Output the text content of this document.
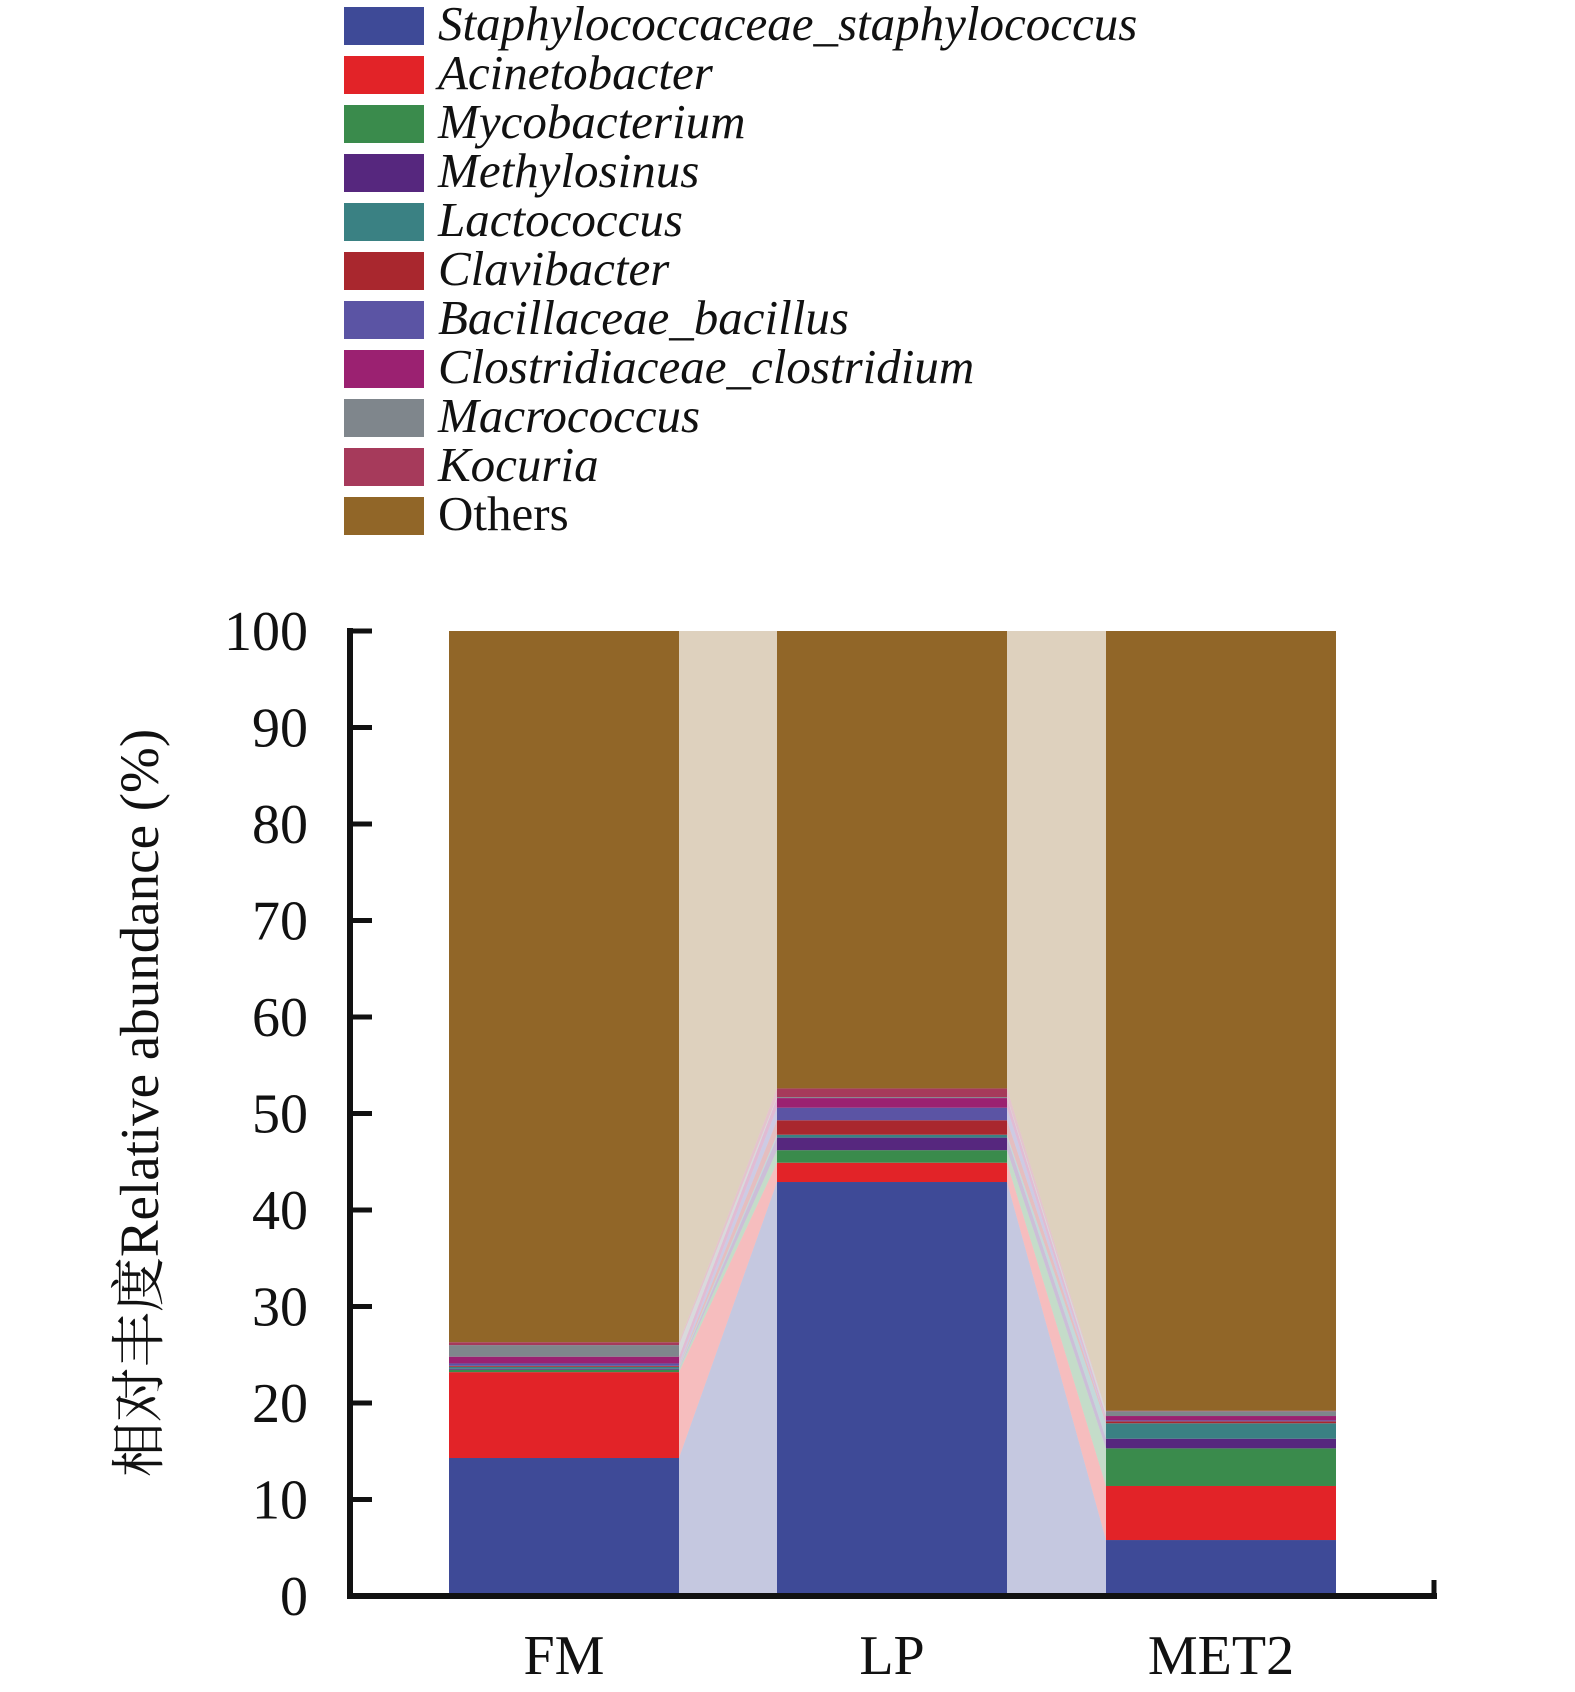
0
10
20
30
40
50
60
70
80
90
100
FM	LP	MET2
相对丰度Relative abundance (%)
Staphylococcaceae_staphylococcus
Acinetobacter
Mycobacterium
Methylosinus
Lactococcus
Clavibacter
Bacillaceae_bacillus
Clostridiaceae_clostridium
Macrococcus
Kocuria
Others
